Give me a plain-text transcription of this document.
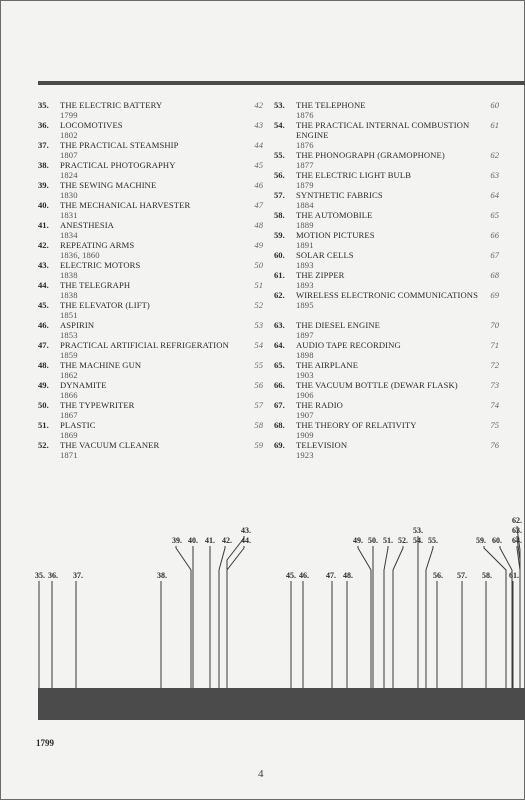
35. THE ELECTRIC BATTERY
1799
42
36. LOCOMOTIVES
1802
43
37. THE PRACTICAL STEAMSHIP
1807
44
38. PRACTICAL PHOTOGRAPHY
1824
45
39. THE SEWING MACHINE
1830
46
40. THE MECHANICAL HARVESTER
1831
47
41. ANESTHESIA
1834
48
42. REPEATING ARMS
1836, 1860
49
43. ELECTRIC MOTORS
1838
50
44. THE TELEGRAPH
1838
51
45. THE ELEVATOR (LIFT)
1851
52
46. ASPIRIN
1853
53
47. PRACTICAL ARTIFICIAL REFRIGERATION
1859
54
48. THE MACHINE GUN
1862
55
49. DYNAMITE
1866
56
50. THE TYPEWRITER
1867
57
51. PLASTIC
1869
58
52. THE VACUUM CLEANER
1871
59
53. THE TELEPHONE
1876
60
54. THE PRACTICAL INTERNAL COMBUSTION ENGINE
1876
61
55. THE PHONOGRAPH (GRAMOPHONE)
1877
62
56. THE ELECTRIC LIGHT BULB
1879
63
57. SYNTHETIC FABRICS
1884
64
58. THE AUTOMOBILE
1889
65
59. MOTION PICTURES
1891
66
60. SOLAR CELLS
1893
67
61. THE ZIPPER
1893
68
62. WIRELESS ELECTRONIC COMMUNICATIONS
1895
69
63. THE DIESEL ENGINE
1897
70
64. AUDIO TAPE RECORDING
1898
71
65. THE AIRPLANE
1903
72
66. THE VACUUM BOTTLE (DEWAR FLASK)
1906
73
67. THE RADIO
1907
74
68. THE THEORY OF RELATIVITY
1909
75
69. TELEVISION
1923
76
35. 36. 37.	38.
39. 40. 41. 42.
43.
44.
45. 46. 47. 48.
49. 50. 51. 52.
53.
54. 55.
56. 57. 58.
59. 60.
61.
62.
63.
64.
1799
4
